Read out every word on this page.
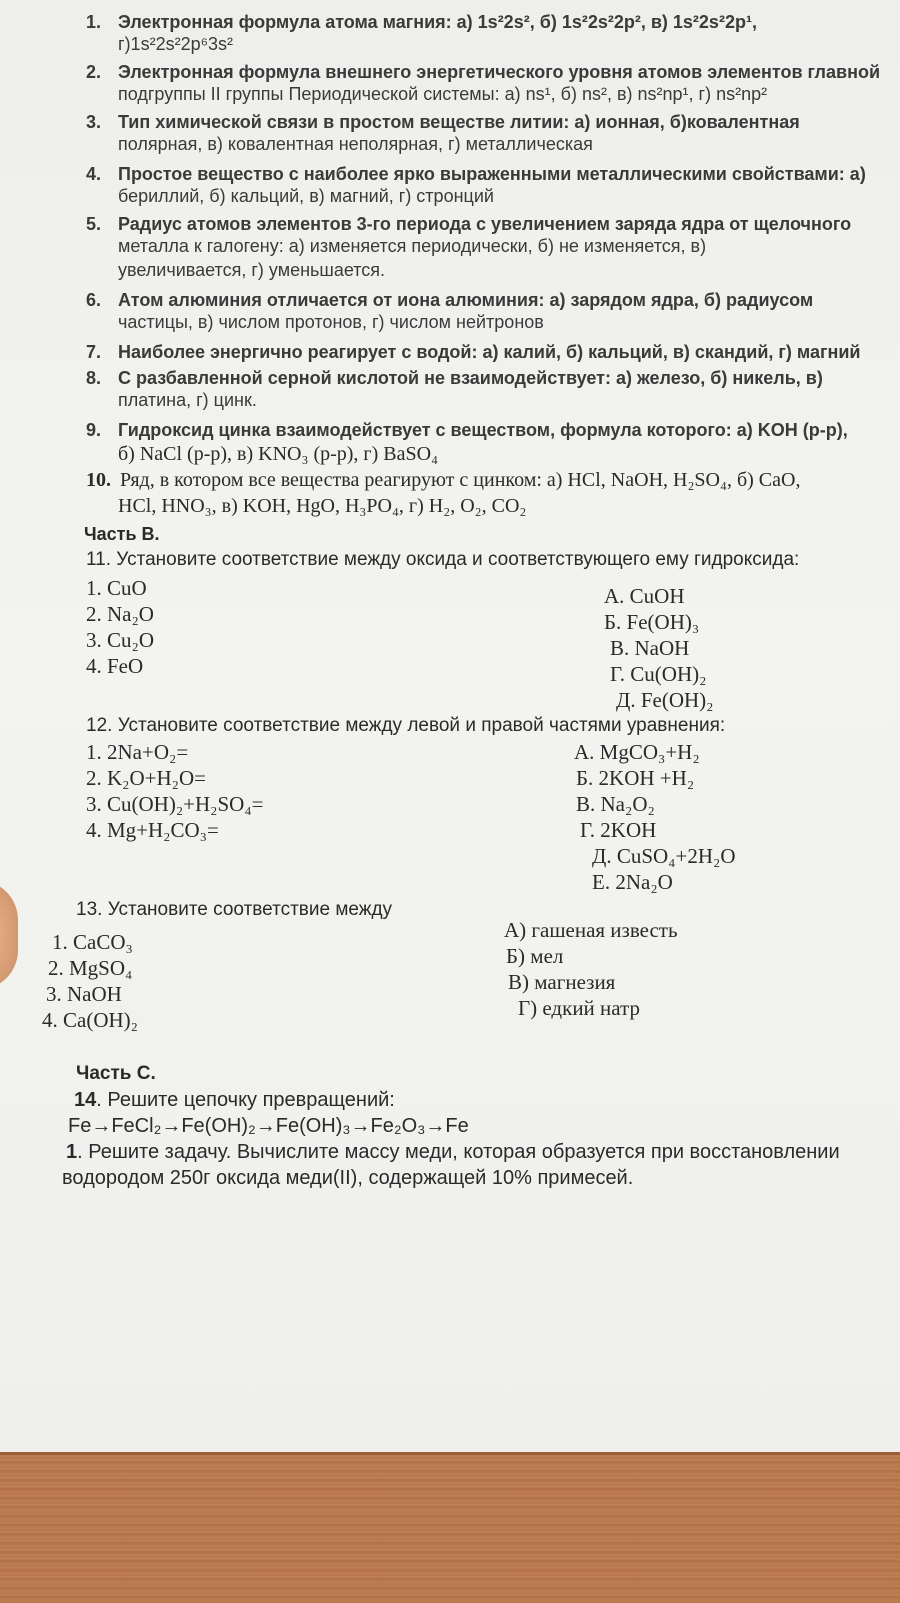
1. Электронная формула атома магния: а) 1s²2s², б) 1s²2s²2p², в) 1s²2s²2p¹,
г)1s²2s²2p⁶3s²
2. Электронная формула внешнего энергетического уровня атомов элементов главной
подгруппы II группы Периодической системы: а) ns¹, б) ns², в) ns²np¹, г) ns²np²
3. Тип химической связи в простом веществе литии: а) ионная, б)ковалентная
полярная, в) ковалентная неполярная, г) металлическая
4. Простое вещество с наиболее ярко выраженными металлическими свойствами: а)
бериллий, б) кальций, в) магний, г) стронций
5. Радиус атомов элементов 3-го периода с увеличением заряда ядра от щелочного
металла к галогену: а) изменяется периодически, б) не изменяется, в)
увеличивается, г) уменьшается.
6. Атом алюминия отличается от иона алюминия: а) зарядом ядра, б) радиусом
частицы, в) числом протонов, г) числом нейтронов
7. Наиболее энергично реагирует с водой: а) калий, б) кальций, в) скандий, г) магний
8. С разбавленной серной кислотой не взаимодействует: а) железо, б) никель, в)
платина, г) цинк.
9. Гидроксид цинка взаимодействует с веществом, формула которого: а) KOH (р-р),
б) NaCl (р-р), в) KNO₃ (р-р), г) BaSO₄
10. Ряд, в котором все вещества реагируют с цинком: а) HCl, NaOH, H₂SO₄, б) CaO,
HCl, HNO₃, в) KOH, HgO, H₃PO₄, г) H₂, O₂, CO₂
Часть В.
11. Установите соответствие между оксида и соответствующего ему гидроксида:
1. CuO
2. Na₂O
3. Cu₂O
4. FeO
А. CuOH
Б. Fe(OH)₃
В. NaOH
Г. Cu(OH)₂
Д. Fe(OH)₂
12. Установите соответствие между левой и правой частями уравнения:
1. 2Na+O₂=
2. K₂O+H₂O=
3. Cu(OH)₂+H₂SO₄=
4. Mg+H₂CO₃=
А. MgCO₃+H₂
Б. 2KOH +H₂
В. Na₂O₂
Г. 2KOH
Д. CuSO₄+2H₂O
Е. 2Na₂O
13. Установите соответствие между
1. CaCO₃
2. MgSO₄
3. NaOH
4. Ca(OH)₂
А) гашеная известь
Б) мел
В) магнезия
Г) едкий натр
Часть С.
14. Решите цепочку превращений:
Fe→FeCl₂→Fe(OH)₂→Fe(OH)₃→Fe₂O₃→Fe
1. Решите задачу. Вычислите массу меди, которая образуется при восстановлении
водородом 250г оксида меди(II), содержащей 10% примесей.
